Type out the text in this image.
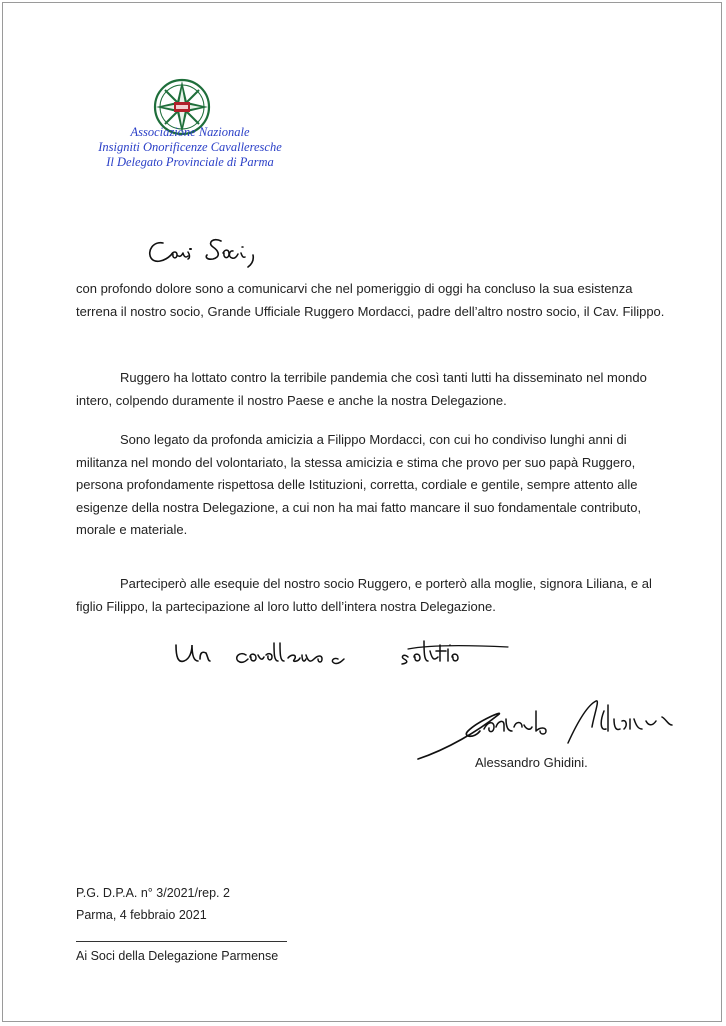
Associazione Nazionale
Insigniti Onorificenze Cavalleresche
Il Delegato Provinciale di Parma

con profondo dolore sono a comunicarvi che nel pomeriggio di oggi ha concluso la sua esistenza terrena il nostro socio, Grande Ufficiale Ruggero Mordacci, padre dell’altro nostro socio, il Cav. Filippo.

Ruggero ha lottato contro la terribile pandemia che così tanti lutti ha disseminato nel mondo intero, colpendo duramente il nostro Paese e anche la nostra Delegazione.

Sono legato da profonda amicizia a Filippo Mordacci, con cui ho condiviso lunghi anni di militanza nel mondo del volontariato, la stessa amicizia e stima che provo per suo papà Ruggero, persona profondamente rispettosa delle Istituzioni, corretta, cordiale e gentile, sempre attento alle esigenze della nostra Delegazione, a cui non ha mai fatto mancare il suo fondamentale contributo, morale e materiale.

Parteciperò alle esequie del nostro socio Ruggero, e porterò alla moglie, signora Liliana, e al figlio Filippo, la partecipazione al loro lutto dell’intera nostra Delegazione.

Alessandro Ghidini.
P.G. D.P.A. n° 3/2021/rep. 2
Parma, 4 febbraio 2021
Ai Soci della Delegazione Parmense
